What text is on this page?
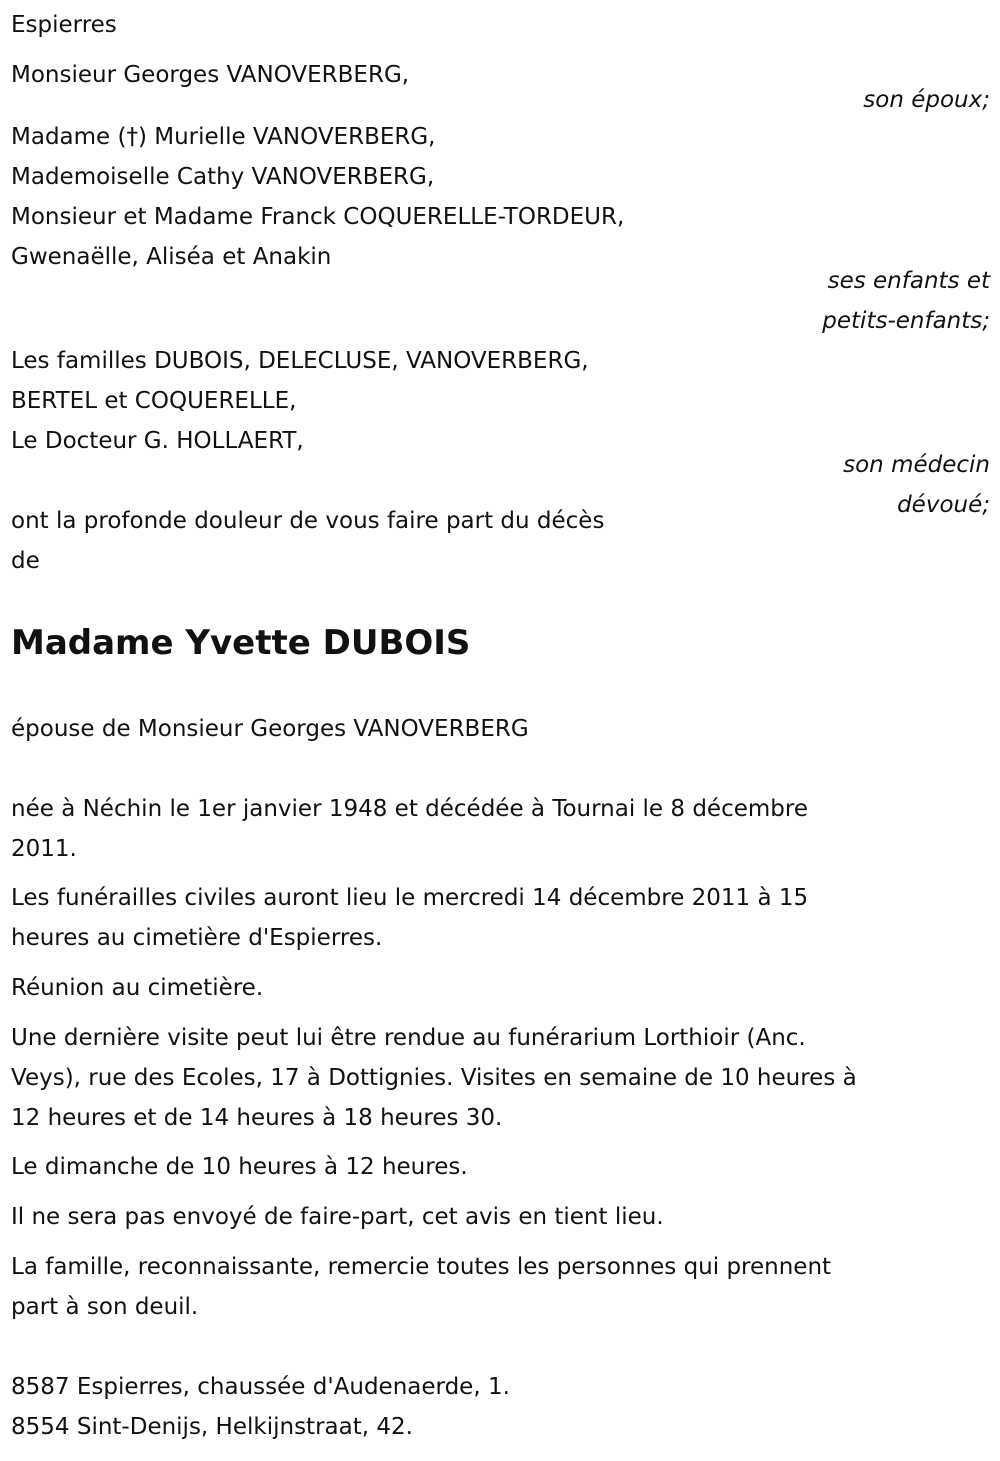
Espierres
Monsieur Georges VANOVERBERG,
son époux;
Madame (†) Murielle VANOVERBERG,
Mademoiselle Cathy VANOVERBERG,
Monsieur et Madame Franck COQUERELLE-TORDEUR,
Gwenaëlle, Aliséa et Anakin
ses enfants et
petits-enfants;
Les familles DUBOIS, DELECLUSE, VANOVERBERG,
BERTEL et COQUERELLE,
Le Docteur G. HOLLAERT,
son médecin
dévoué;
ont la profonde douleur de vous faire part du décès
de
Madame Yvette DUBOIS
épouse de Monsieur Georges VANOVERBERG
née à Néchin le 1er janvier 1948 et décédée à Tournai le 8 décembre
2011.
Les funérailles civiles auront lieu le mercredi 14 décembre 2011 à 15
heures au cimetière d'Espierres.
Réunion au cimetière.
Une dernière visite peut lui être rendue au funérarium Lorthioir (Anc.
Veys), rue des Ecoles, 17 à Dottignies. Visites en semaine de 10 heures à
12 heures et de 14 heures à 18 heures 30.
Le dimanche de 10 heures à 12 heures.
Il ne sera pas envoyé de faire-part, cet avis en tient lieu.
La famille, reconnaissante, remercie toutes les personnes qui prennent
part à son deuil.
8587 Espierres, chaussée d'Audenaerde, 1.
8554 Sint-Denijs, Helkijnstraat, 42.
